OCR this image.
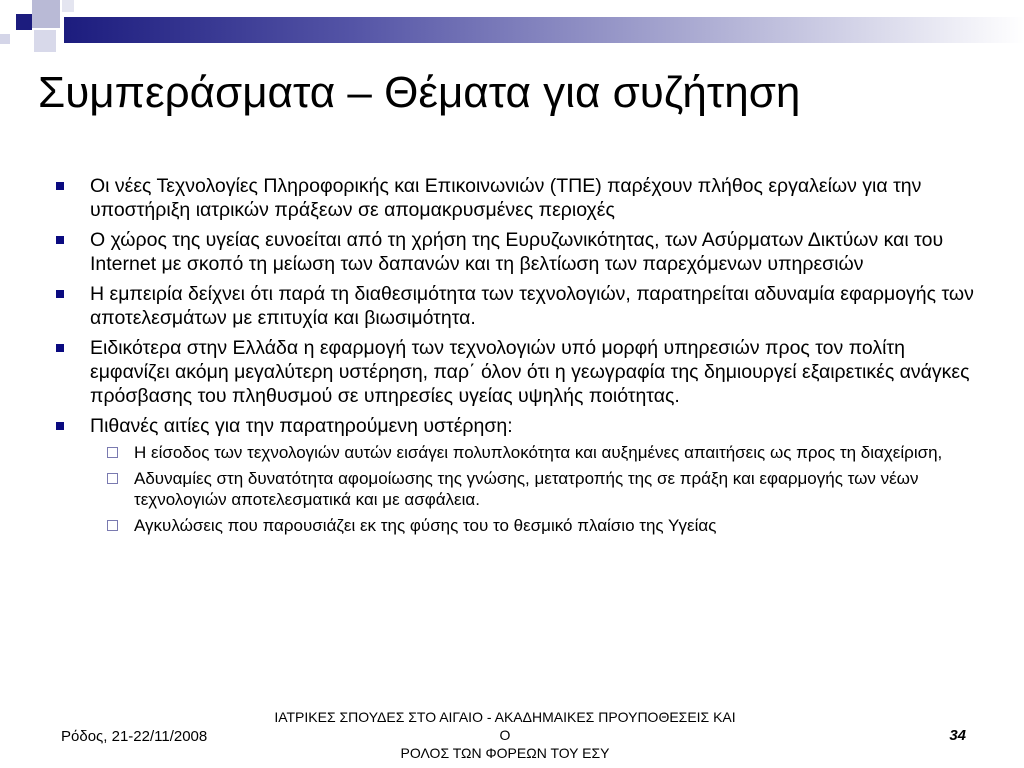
Συμπεράσματα – Θέματα για συζήτηση
Οι νέες Τεχνολογίες Πληροφορικής και Επικοινωνιών (ΤΠΕ) παρέχουν πλήθος εργαλείων για την υποστήριξη ιατρικών πράξεων σε απομακρυσμένες περιοχές
Ο χώρος της υγείας ευνοείται από τη χρήση της Ευρυζωνικότητας, των Ασύρματων Δικτύων και του Internet με σκοπό τη μείωση των δαπανών και τη βελτίωση των παρεχόμενων υπηρεσιών
Η εμπειρία δείχνει ότι παρά τη διαθεσιμότητα των τεχνολογιών, παρατηρείται αδυναμία εφαρμογής των αποτελεσμάτων με επιτυχία και βιωσιμότητα.
Ειδικότερα στην Ελλάδα η εφαρμογή των τεχνολογιών υπό μορφή υπηρεσιών προς τον πολίτη εμφανίζει ακόμη μεγαλύτερη υστέρηση, παρ΄ όλον ότι η γεωγραφία της δημιουργεί εξαιρετικές ανάγκες πρόσβασης του πληθυσμού σε υπηρεσίες υγείας υψηλής ποιότητας.
Πιθανές αιτίες για την παρατηρούμενη υστέρηση:
Η είσοδος των τεχνολογιών αυτών εισάγει πολυπλοκότητα και αυξημένες απαιτήσεις ως προς τη διαχείριση,
Αδυναμίες στη δυνατότητα αφομοίωσης της γνώσης, μετατροπής της σε πράξη και εφαρμογής των νέων τεχνολογιών αποτελεσματικά και με ασφάλεια.
Αγκυλώσεις που παρουσιάζει εκ της φύσης του το θεσμικό πλαίσιο της Υγείας
Ρόδος, 21-22/11/2008
ΙΑΤΡΙΚΕΣ ΣΠΟΥΔΕΣ ΣΤΟ ΑΙΓΑΙΟ - ΑΚΑΔΗΜΑΙΚΕΣ ΠΡΟΥΠΟΘΕΣΕΙΣ ΚΑΙ Ο
ΡΟΛΟΣ ΤΩΝ ΦΟΡΕΩΝ ΤΟΥ ΕΣΥ
34
